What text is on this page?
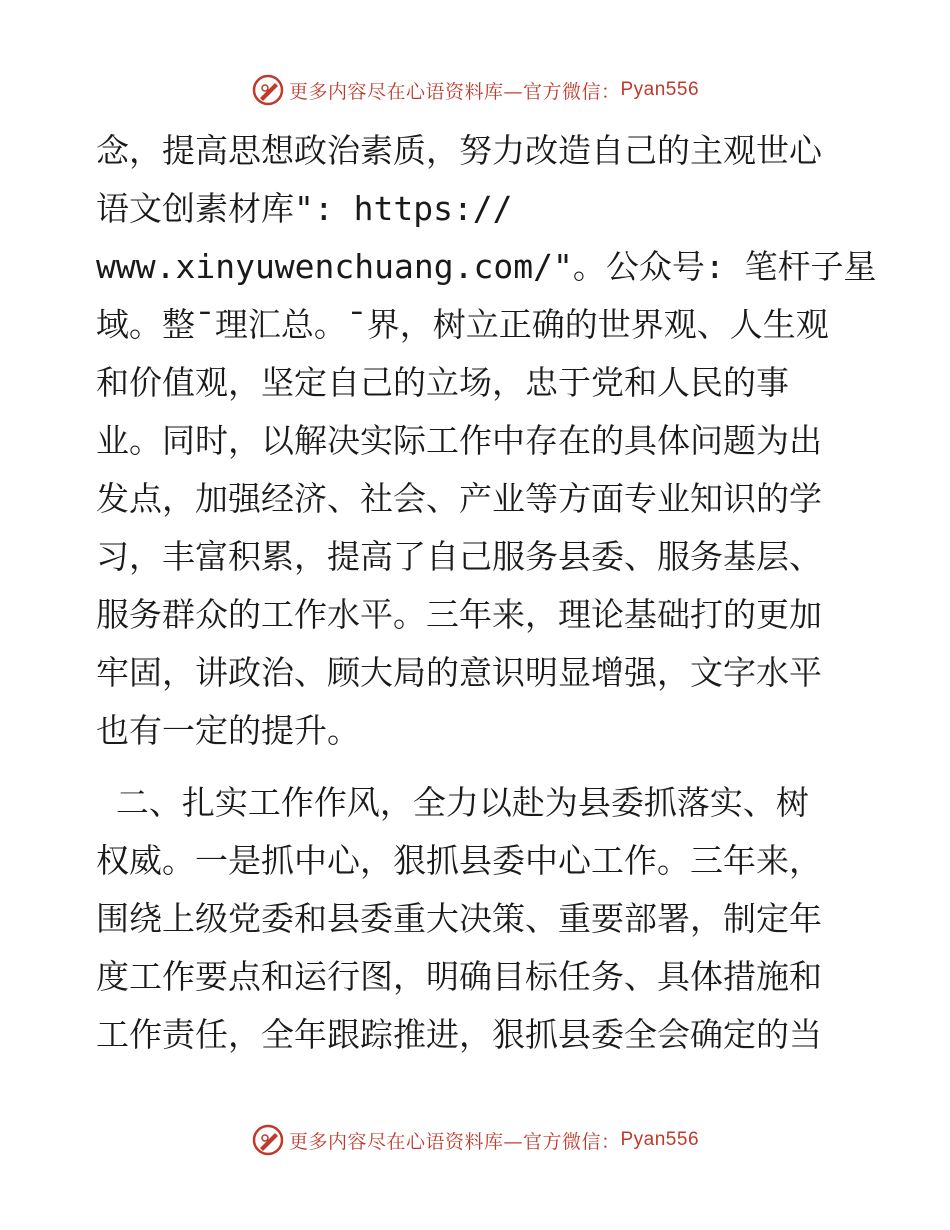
更多内容尽在心语资料库—官方微信： Pyan556
念，提高思想政治素质，努力改造自己的主观世心
语文创素材库": https://
www.xinyuwenchuang.com/"。公众号: 笔杆子星
域。整¯理汇总。¯界，树立正确的世界观、人生观
和价值观，坚定自己的立场，忠于党和人民的事
业。同时，以解决实际工作中存在的具体问题为出
发点，加强经济、社会、产业等方面专业知识的学
习，丰富积累，提高了自己服务县委、服务基层、
服务群众的工作水平。三年来，理论基础打的更加
牢固，讲政治、顾大局的意识明显增强，文字水平
也有一定的提升。
二、扎实工作作风，全力以赴为县委抓落实、树
权威。一是抓中心，狠抓县委中心工作。三年来，
围绕上级党委和县委重大决策、重要部署，制定年
度工作要点和运行图，明确目标任务、具体措施和
工作责任，全年跟踪推进，狠抓县委全会确定的当
更多内容尽在心语资料库—官方微信： Pyan556
